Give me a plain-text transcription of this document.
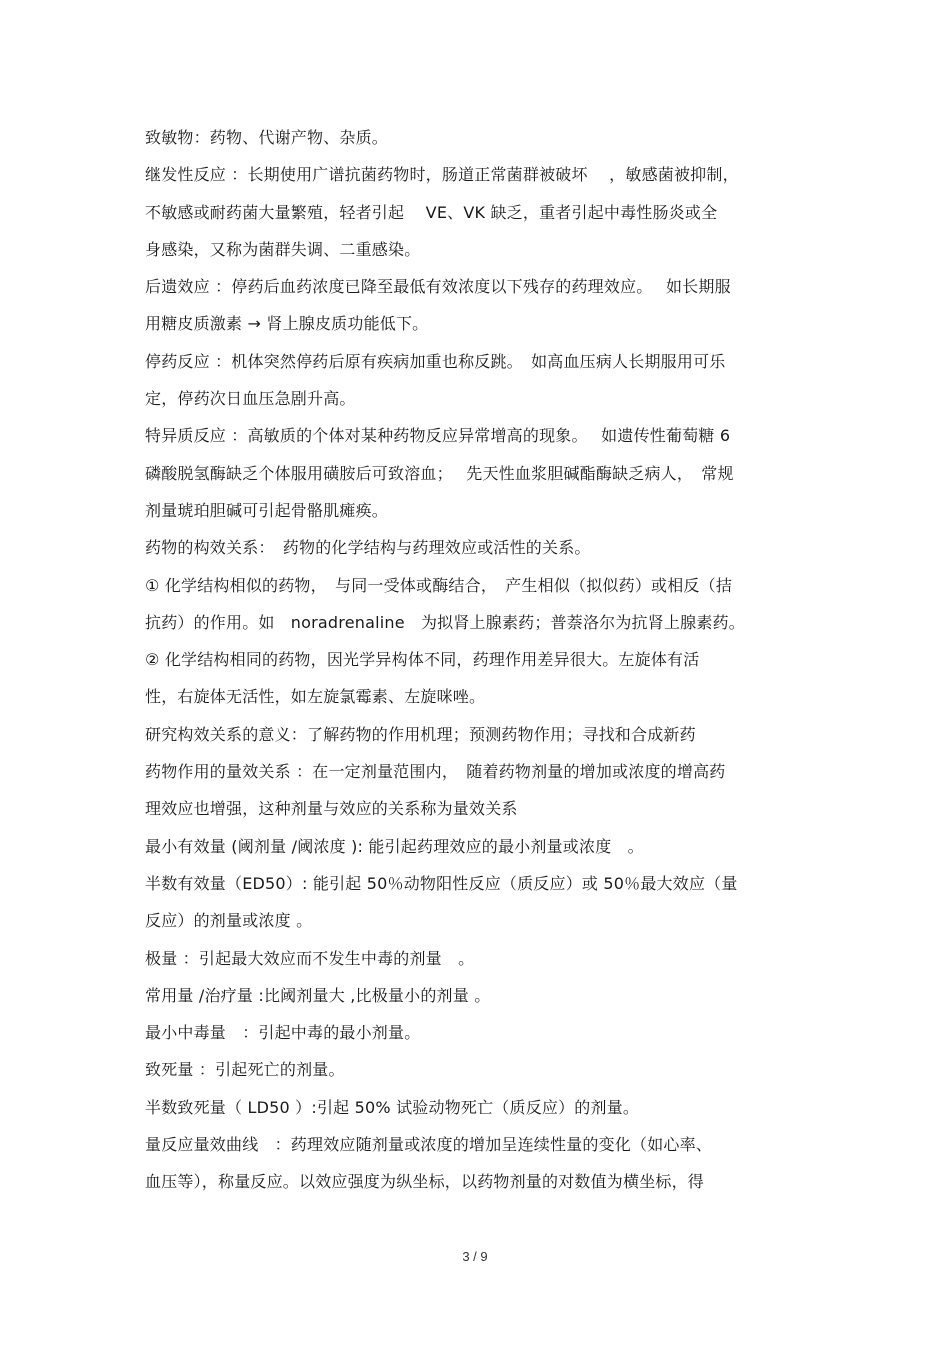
致敏物：药物、代谢产物、杂质。
继发性反应 ：长期使用广谱抗菌药物时，肠道正常菌群被破坏　 ，敏感菌被抑制，
不敏感或耐药菌大量繁殖，轻者引起　 VE、VK 缺乏，重者引起中毒性肠炎或全
身感染，又称为菌群失调、二重感染。
后遗效应 ：停药后血药浓度已降至最低有效浓度以下残存的药理效应。　 如长期服
用糖皮质激素 → 肾上腺皮质功能低下。
停药反应 ：机体突然停药后原有疾病加重也称反跳。　如高血压病人长期服用可乐
定，停药次日血压急剧升高。
特异质反应 ：高敏质的个体对某种药物反应异常增高的现象。　 如遗传性葡萄糖 6
磷酸脱氢酶缺乏个体服用磺胺后可致溶血；　 先天性血浆胆碱酯酶缺乏病人，　常规
剂量琥珀胆碱可引起骨骼肌瘫痪。
药物的构效关系：　药物的化学结构与药理效应或活性的关系。
① 化学结构相似的药物，　与同一受体或酶结合，　产生相似（拟似药）或相反（拮
抗药）的作用。如　noradrenaline　为拟肾上腺素药；普萘洛尔为抗肾上腺素药。
② 化学结构相同的药物，因光学异构体不同，药理作用差异很大。左旋体有活
性，右旋体无活性，如左旋氯霉素、左旋咪唑。
研究构效关系的意义：了解药物的作用机理；预测药物作用；寻找和合成新药
药物作用的量效关系 ：在一定剂量范围内，　随着药物剂量的增加或浓度的增高药
理效应也增强，这种剂量与效应的关系称为量效关系
最小有效量 (阈剂量 /阈浓度 ): 能引起药理效应的最小剂量或浓度　。
半数有效量（ED50）: 能引起 50％动物阳性反应（质反应）或 50％最大效应（量
反应）的剂量或浓度 。
极量 ：引起最大效应而不发生中毒的剂量　。
常用量 /治疗量 :比阈剂量大 ,比极量小的剂量 。
最小中毒量　：引起中毒的最小剂量。
致死量 ：引起死亡的剂量。
半数致死量（ LD50 ）:引起 50% 试验动物死亡（质反应）的剂量。
量反应量效曲线　：药理效应随剂量或浓度的增加呈连续性量的变化（如心率、
血压等），称量反应。以效应强度为纵坐标，以药物剂量的对数值为横坐标，得
3 / 9
